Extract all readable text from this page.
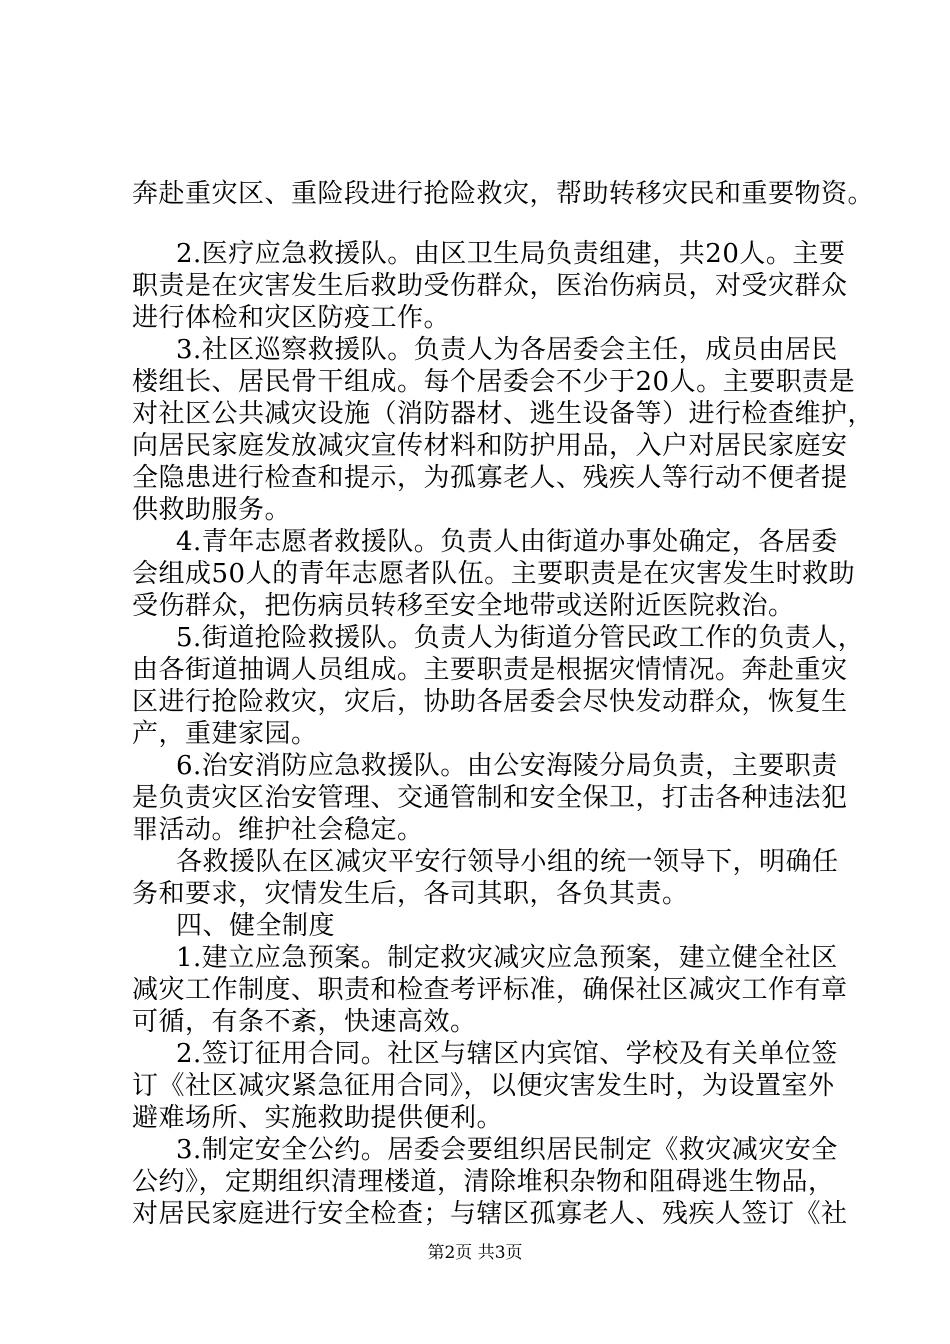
奔赴重灾区、重险段进行抢险救灾，帮助转移灾民和重要物资。
2.医疗应急救援队。由区卫生局负责组建，共20人。主要
职责是在灾害发生后救助受伤群众，医治伤病员，对受灾群众
进行体检和灾区防疫工作。
3.社区巡察救援队。负责人为各居委会主任，成员由居民
楼组长、居民骨干组成。每个居委会不少于20人。主要职责是
对社区公共减灾设施（消防器材、逃生设备等）进行检查维护，
向居民家庭发放减灾宣传材料和防护用品，入户对居民家庭安
全隐患进行检查和提示，为孤寡老人、残疾人等行动不便者提
供救助服务。
4.青年志愿者救援队。负责人由街道办事处确定，各居委
会组成50人的青年志愿者队伍。主要职责是在灾害发生时救助
受伤群众，把伤病员转移至安全地带或送附近医院救治。
5.街道抢险救援队。负责人为街道分管民政工作的负责人，
由各街道抽调人员组成。主要职责是根据灾情情况。奔赴重灾
区进行抢险救灾，灾后，协助各居委会尽快发动群众，恢复生
产，重建家园。
6.治安消防应急救援队。由公安海陵分局负责，主要职责
是负责灾区治安管理、交通管制和安全保卫，打击各种违法犯
罪活动。维护社会稳定。
各救援队在区减灾平安行领导小组的统一领导下，明确任
务和要求，灾情发生后，各司其职，各负其责。
四、健全制度
1.建立应急预案。制定救灾减灾应急预案，建立健全社区
减灾工作制度、职责和检查考评标准，确保社区减灾工作有章
可循，有条不紊，快速高效。
2.签订征用合同。社区与辖区内宾馆、学校及有关单位签
订《社区减灾紧急征用合同》，以便灾害发生时，为设置室外
避难场所、实施救助提供便利。
3.制定安全公约。居委会要组织居民制定《救灾减灾安全
公约》，定期组织清理楼道，清除堆积杂物和阻碍逃生物品，
对居民家庭进行安全检查；与辖区孤寡老人、残疾人签订《社
第2页 共3页
